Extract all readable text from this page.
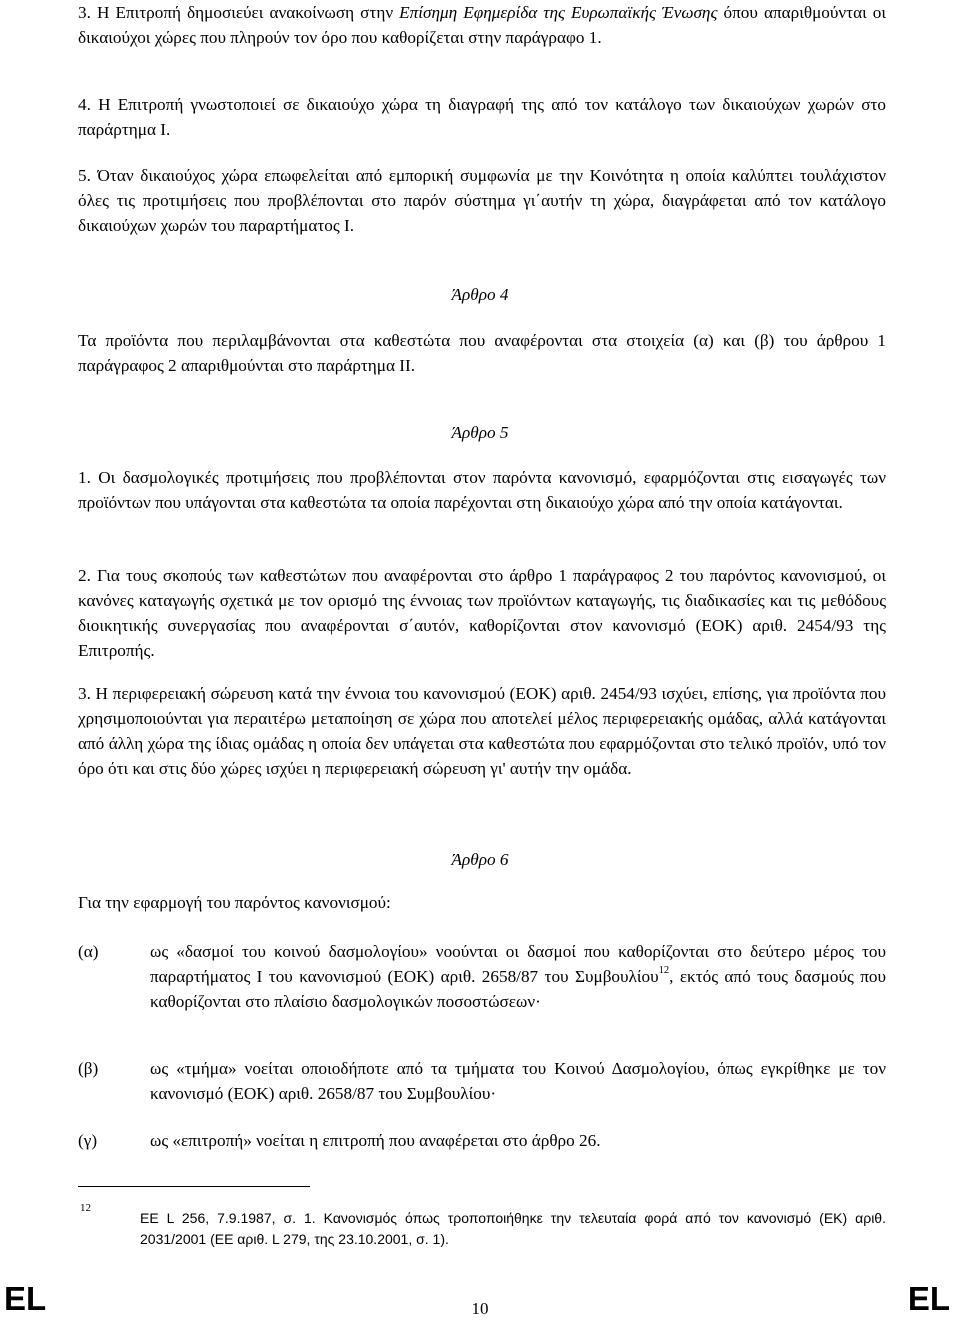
3. Η Επιτροπή δημοσιεύει ανακοίνωση στην Επίσημη Εφημερίδα της Ευρωπαϊκής Ένωσης όπου απαριθμούνται οι δικαιούχοι χώρες που πληρούν τον όρο που καθορίζεται στην παράγραφο 1.

4. Η Επιτροπή γνωστοποιεί σε δικαιούχο χώρα τη διαγραφή της από τον κατάλογο των δικαιούχων χωρών στο παράρτημα Ι.

5. Όταν δικαιούχος χώρα επωφελείται από εμπορική συμφωνία με την Κοινότητα η οποία καλύπτει τουλάχιστον όλες τις προτιμήσεις που προβλέπονται στο παρόν σύστημα γι΄αυτήν τη χώρα, διαγράφεται από τον κατάλογο δικαιούχων χωρών του παραρτήματος Ι.

Άρθρο 4

Τα προϊόντα που περιλαμβάνονται στα καθεστώτα που αναφέρονται στα στοιχεία (α) και (β) του άρθρου 1 παράγραφος 2 απαριθμούνται στο παράρτημα ΙΙ.

Άρθρο 5

1. Οι δασμολογικές προτιμήσεις που προβλέπονται στον παρόντα κανονισμό, εφαρμόζονται στις εισαγωγές των προϊόντων που υπάγονται στα καθεστώτα τα οποία παρέχονται στη δικαιούχο χώρα από την οποία κατάγονται.

2. Για τους σκοπούς των καθεστώτων που αναφέρονται στο άρθρο 1 παράγραφος 2 του παρόντος κανονισμού, οι κανόνες καταγωγής σχετικά με τον ορισμό της έννοιας των προϊόντων καταγωγής, τις διαδικασίες και τις μεθόδους διοικητικής συνεργασίας που αναφέρονται σ΄αυτόν, καθορίζονται στον κανονισμό (ΕΟΚ) αριθ. 2454/93 της Επιτροπής.

3. Η περιφερειακή σώρευση κατά την έννοια του κανονισμού (ΕΟΚ) αριθ. 2454/93 ισχύει, επίσης, για προϊόντα που χρησιμοποιούνται για περαιτέρω μεταποίηση σε χώρα που αποτελεί μέλος περιφερειακής ομάδας, αλλά κατάγονται από άλλη χώρα της ίδιας ομάδας η οποία δεν υπάγεται στα καθεστώτα που εφαρμόζονται στο τελικό προϊόν, υπό τον όρο ότι και στις δύο χώρες ισχύει η περιφερειακή σώρευση γι' αυτήν την ομάδα.

Άρθρο 6

Για την εφαρμογή του παρόντος κανονισμού:

(α)	ως «δασμοί του κοινού δασμολογίου» νοούνται οι δασμοί που καθορίζονται στο δεύτερο μέρος του παραρτήματος Ι του κανονισμού (ΕΟΚ) αριθ. 2658/87 του Συμβουλίου$^{12}$, εκτός από τους δασμούς που καθορίζονται στο πλαίσιο δασμολογικών ποσοστώσεων·

(β)	ως «τμήμα» νοείται οποιοδήποτε από τα τμήματα του Κοινού Δασμολογίου, όπως εγκρίθηκε με τον κανονισμό (ΕΟΚ) αριθ. 2658/87 του Συμβουλίου·

(γ)	ως «επιτροπή» νοείται η επιτροπή που αναφέρεται στο άρθρο 26.

12

ΕΕ L 256, 7.9.1987, σ. 1. Κανονισμός όπως τροποποιήθηκε την τελευταία φορά από τον κανονισμό (ΕΚ) αριθ. 2031/2001 (ΕΕ αριθ. L 279, της 23.10.2001, σ. 1).

EL	10	EL
